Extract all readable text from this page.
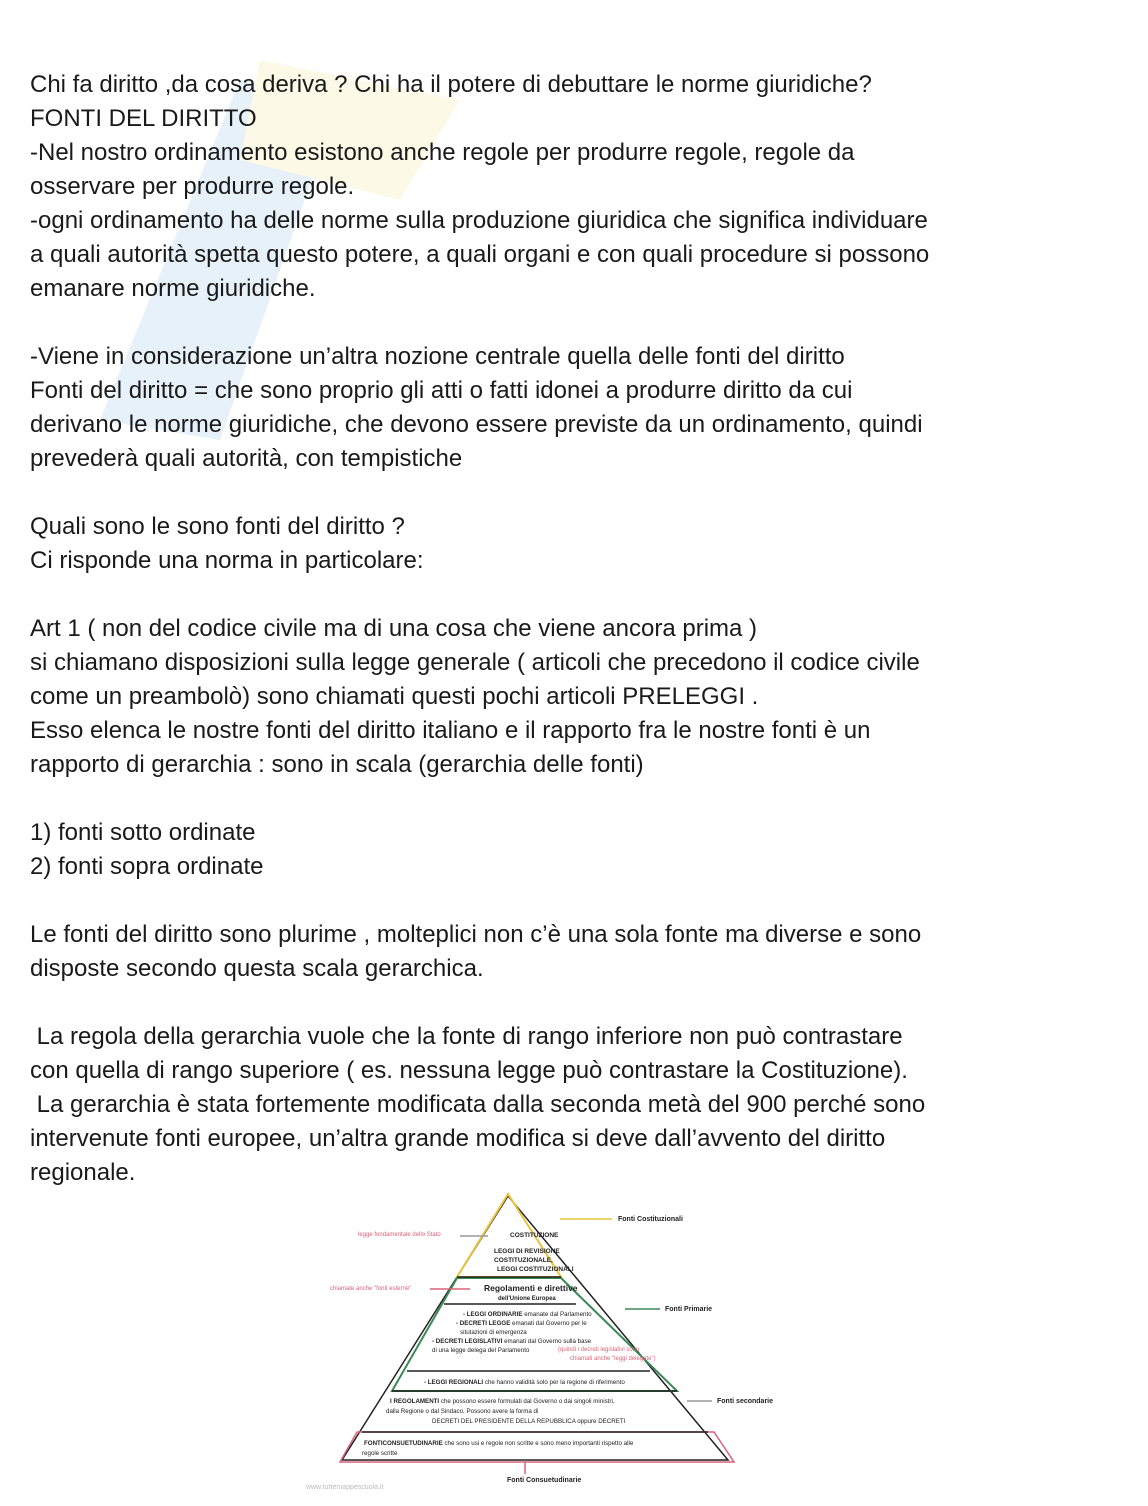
Chi fa diritto ,da cosa deriva ? Chi ha il potere di debuttare le norme giuridiche?
FONTI DEL DIRITTO
-Nel nostro ordinamento esistono anche regole per produrre regole, regole da
osservare per produrre regole.
-ogni ordinamento ha delle norme sulla produzione giuridica che significa individuare
a quali autorità spetta questo potere, a quali organi e con quali procedure si possono
emanare norme giuridiche.
-Viene in considerazione un’altra nozione centrale quella delle fonti del diritto
Fonti del diritto = che sono proprio gli atti o fatti idonei a produrre diritto da cui
derivano le norme giuridiche, che devono essere previste da un ordinamento, quindi
prevederà quali autorità, con tempistiche
Quali sono le sono fonti del diritto ?
Ci risponde una norma in particolare:
Art 1 ( non del codice civile ma di una cosa che viene ancora prima )
si chiamano disposizioni sulla legge generale ( articoli che precedono il codice civile
come un preambolò) sono chiamati questi pochi articoli PRELEGGI .
Esso elenca le nostre fonti del diritto italiano e il rapporto fra le nostre fonti è un
rapporto di gerarchia : sono in scala (gerarchia delle fonti)
1) fonti sotto ordinate
2) fonti sopra ordinate
Le fonti del diritto sono plurime , molteplici non c’è una sola fonte ma diverse e sono
disposte secondo questa scala gerarchica.
La regola della gerarchia vuole che la fonte di rango inferiore non può contrastare
con quella di rango superiore ( es. nessuna legge può contrastare la Costituzione).
La gerarchia è stata fortemente modificata dalla seconda metà del 900 perché sono
intervenute fonti europee, un’altra grande modifica si deve dall’avvento del diritto
regionale.
Fonti Costituzionali
legge fondamentale dello Stato	COSTITUZIONE
LEGGI DI REVISIONE
COSTITUZIONALE,
LEGGI COSTITUZIONALI
chiamate anche "fonti esterne"	Regolamenti e direttive
dell'Unione Europea
Fonti Primarie
- LEGGI ORDINARIE emanate dal Parlamento
- DECRETI LEGGE emanati dal Governo per le
situtazioni di emergenza
- DECRETI LEGISLATIVI emanati dal Governo sulla base
di una leggе delega del Parlamento	(quindi i decreti legislativi sono
chiamati anche "leggi delegate")
- LEGGI REGIONALI che hanno validità solo per la regione di riferimento
Fonti secondarie
I REGOLAMENTI che possono essere formulati dal Governo o dai singoli ministri,
dalla Regione o dal Sindaco. Possono avere la forma di
DECRETI DEL PRESIDENTE DELLA REPUBBLICA oppure DECRETI
FONTICONSUETUDINARIE che sono usi e regole non scritte e sono meno importanti rispetto alle
regole scritte
Fonti Consuetudinarie
www.tuttemappescuola.it
